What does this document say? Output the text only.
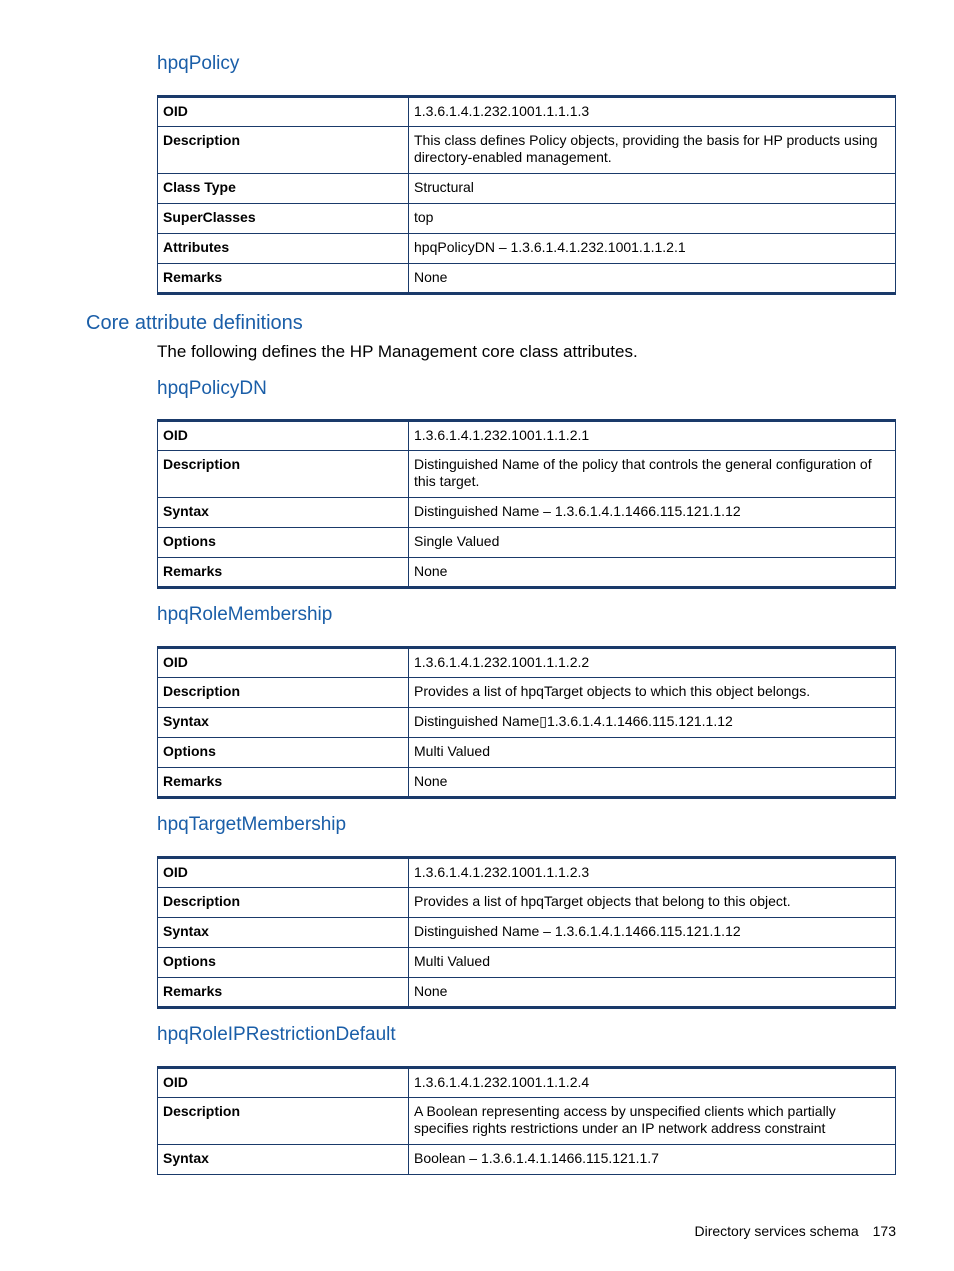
hpqPolicy
OID	1.3.6.1.4.1.232.1001.1.1.1.3
Description	This class defines Policy objects, providing the basis for HP products using directory-enabled management.
Class Type	Structural
SuperClasses	top
Attributes	hpqPolicyDN – 1.3.6.1.4.1.232.1001.1.1.2.1
Remarks	None
Core attribute definitions

The following defines the HP Management core class attributes.

hpqPolicyDN
OID	1.3.6.1.4.1.232.1001.1.1.2.1
Description	Distinguished Name of the policy that controls the general configuration of this target.
Syntax	Distinguished Name – 1.3.6.1.4.1.1466.115.121.1.12
Options	Single Valued
Remarks	None
hpqRoleMembership
OID	1.3.6.1.4.1.232.1001.1.1.2.2
Description	Provides a list of hpqTarget objects to which this object belongs.
Syntax	Distinguished Name▯1.3.6.1.4.1.1466.115.121.1.12
Options	Multi Valued
Remarks	None
hpqTargetMembership
OID	1.3.6.1.4.1.232.1001.1.1.2.3
Description	Provides a list of hpqTarget objects that belong to this object.
Syntax	Distinguished Name – 1.3.6.1.4.1.1466.115.121.1.12
Options	Multi Valued
Remarks	None
hpqRoleIPRestrictionDefault
OID	1.3.6.1.4.1.232.1001.1.1.2.4
Description	A Boolean representing access by unspecified clients which partially specifies rights restrictions under an IP network address constraint
Syntax	Boolean – 1.3.6.1.4.1.1466.115.121.1.7
Directory services schema 173
